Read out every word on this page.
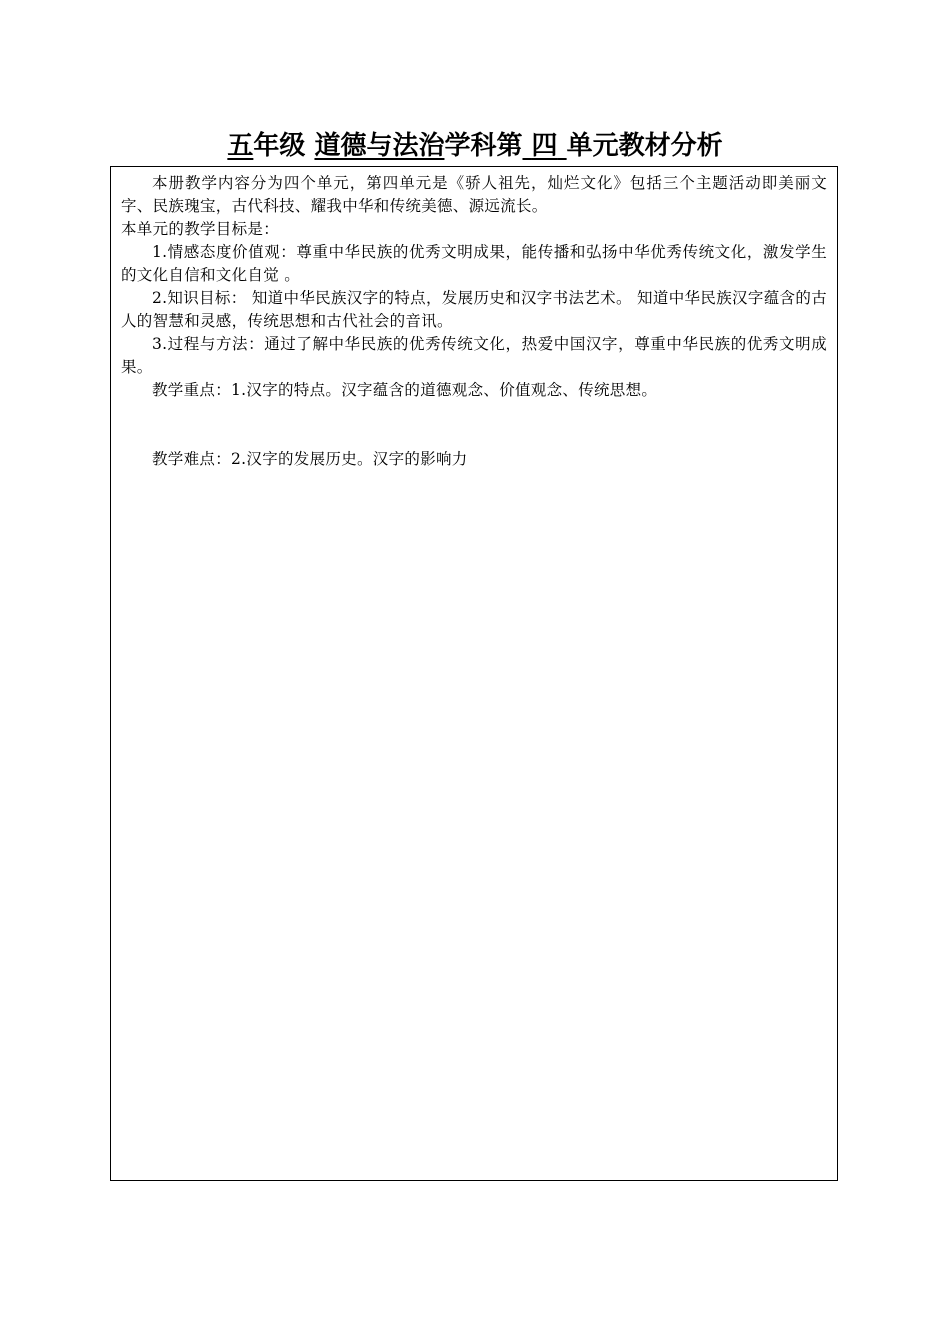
五年级 道德与法治学科第 四 单元教材分析

本册教学内容分为四个单元，第四单元是《骄人祖先，灿烂文化》包括三个主题活动即美丽文字、民族瑰宝，古代科技、耀我中华和传统美德、源远流长。

本单元的教学目标是：

1.情感态度价值观：尊重中华民族的优秀文明成果，能传播和弘扬中华优秀传统文化，激发学生的文化自信和文化自觉 。

2.知识目标： 知道中华民族汉字的特点，发展历史和汉字书法艺术。 知道中华民族汉字蕴含的古人的智慧和灵感，传统思想和古代社会的音讯。

3.过程与方法：通过了解中华民族的优秀传统文化，热爱中国汉字，尊重中华民族的优秀文明成果。

教学重点：1.汉字的特点。汉字蕴含的道德观念、价值观念、传统思想。

教学难点：2.汉字的发展历史。汉字的影响力
